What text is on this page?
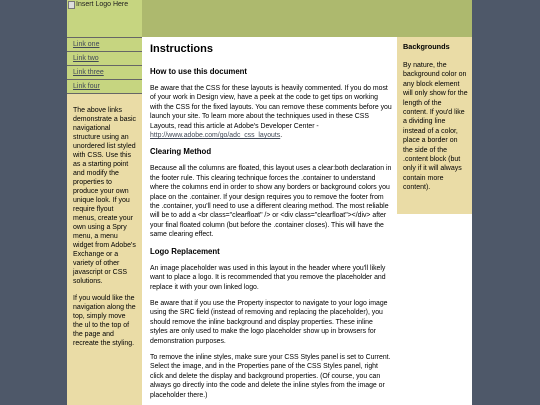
Insert Logo Here
Link one
Link two
Link three
Link four

The above links demonstrate a basic navigational structure using an unordered list styled with CSS. Use this as a starting point and modify the properties to produce your own unique look. If you require flyout menus, create your own using a Spry menu, a menu widget from Adobe's Exchange or a variety of other javascript or CSS solutions.

If you would like the navigation along the top, simply move the ul to the top of the page and recreate the styling.

Instructions
How to use this document

Be aware that the CSS for these layouts is heavily commented. If you do most of your work in Design view, have a peek at the code to get tips on working with the CSS for the fixed layouts. You can remove these comments before you launch your site. To learn more about the techniques used in these CSS Layouts, read this article at Adobe's Developer Center - http://www.adobe.com/go/adc_css_layouts.

Clearing Method

Because all the columns are floated, this layout uses a clear:both declaration in the footer rule. This clearing technique forces the .container to understand where the columns end in order to show any borders or background colors you place on the .container. If your design requires you to remove the footer from the .container, you'll need to use a different clearing method. The most reliable will be to add a <br class="clearfloat" /> or <div class="clearfloat"></div> after your final floated column (but before the .container closes). This will have the same clearing effect.

Logo Replacement

An image placeholder was used in this layout in the header where you'll likely want to place a logo. It is recommended that you remove the placeholder and replace it with your own linked logo.

Be aware that if you use the Property inspector to navigate to your logo image using the SRC field (instead of removing and replacing the placeholder), you should remove the inline background and display properties. These inline styles are only used to make the logo placeholder show up in browsers for demonstration purposes.

To remove the inline styles, make sure your CSS Styles panel is set to Current. Select the image, and in the Properties pane of the CSS Styles panel, right click and delete the display and background properties. (Of course, you can always go directly into the code and delete the inline styles from the image or placeholder there.)

Backgrounds

By nature, the background color on any block element will only show for the length of the content. If you'd like a dividing line instead of a color, place a border on the side of the .content block (but only if it will always contain more content).
